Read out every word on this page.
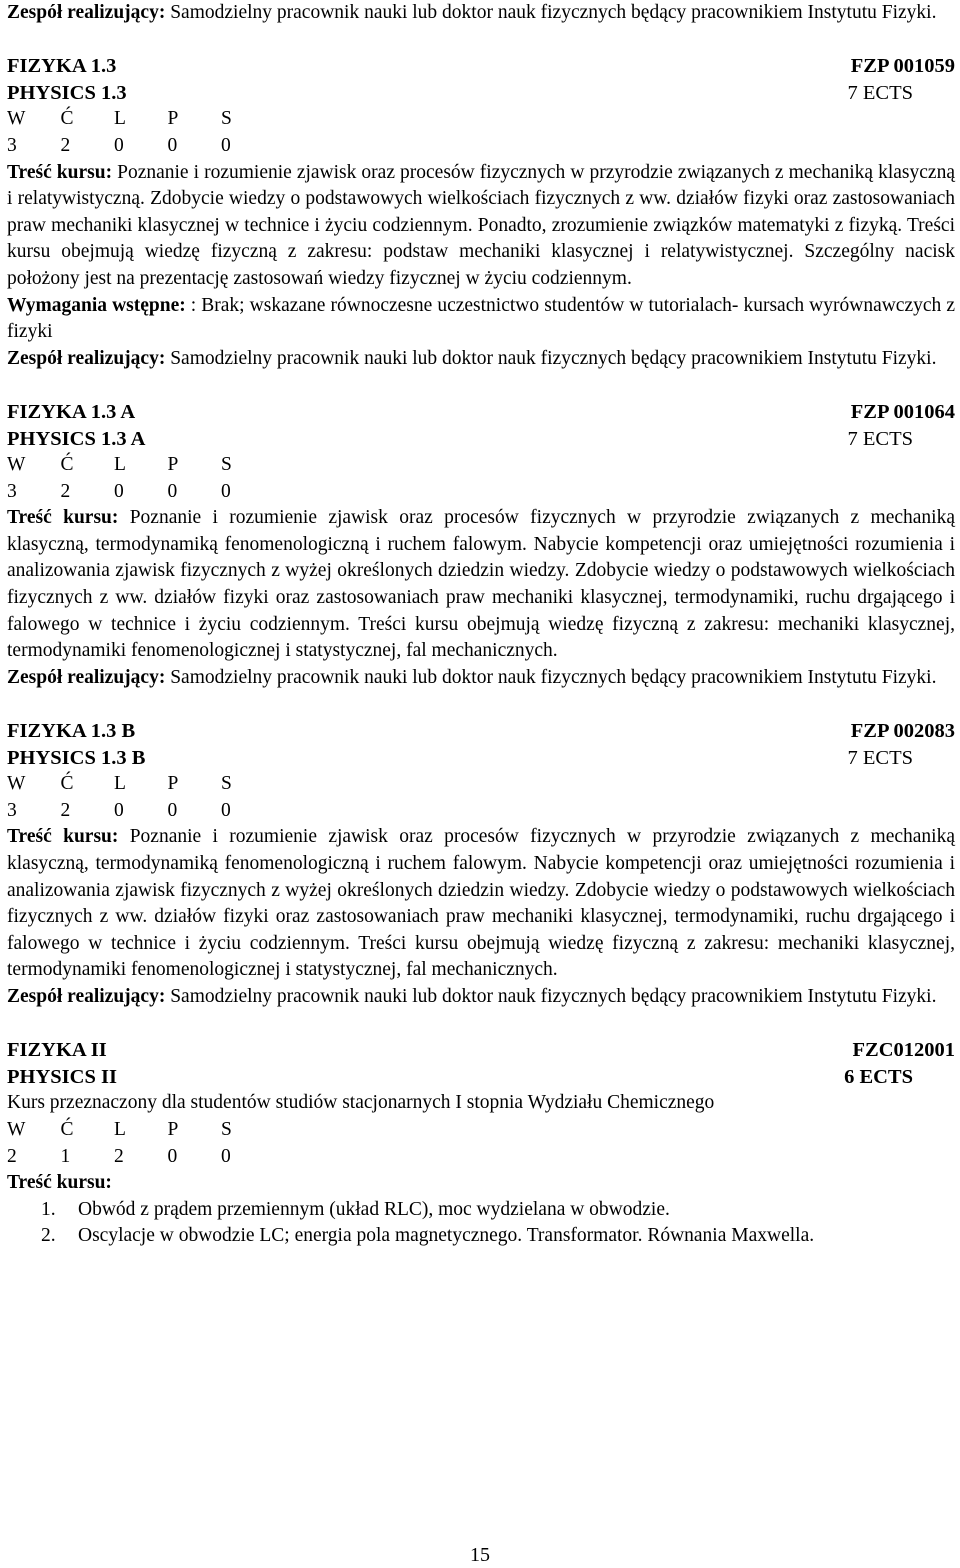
Zespół realizujący: Samodzielny pracownik nauki lub doktor nauk fizycznych będący pracownikiem Instytutu Fizyki.
FIZYKA 1.3	FZP 001059
PHYSICS 1.3	7 ECTS
W	Ć	L	P	S
3	2	0	0	0
Treść kursu: Poznanie i rozumienie zjawisk oraz procesów fizycznych w przyrodzie związanych z mechaniką klasyczną i relatywistyczną. Zdobycie wiedzy o podstawowych wielkościach fizycznych z ww. działów fizyki oraz zastosowaniach praw mechaniki klasycznej w technice i życiu codziennym. Ponadto, zrozumienie związków matematyki z fizyką. Treści kursu obejmują wiedzę fizyczną z zakresu: podstaw mechaniki klasycznej i relatywistycznej. Szczególny nacisk położony jest na prezentację zastosowań wiedzy fizycznej w życiu codziennym.
Wymagania wstępne: : Brak; wskazane równoczesne uczestnictwo studentów w tutorialach- kursach wyrównawczych z fizyki
Zespół realizujący: Samodzielny pracownik nauki lub doktor nauk fizycznych będący pracownikiem Instytutu Fizyki.
FIZYKA 1.3 A	FZP 001064
PHYSICS 1.3 A	7 ECTS
W	Ć	L	P	S
3	2	0	0	0
Treść kursu: Poznanie i rozumienie zjawisk oraz procesów fizycznych w przyrodzie związanych z mechaniką klasyczną, termodynamiką fenomenologiczną i ruchem falowym. Nabycie kompetencji oraz umiejętności rozumienia i analizowania zjawisk fizycznych z wyżej określonych dziedzin wiedzy. Zdobycie wiedzy o podstawowych wielkościach fizycznych z ww. działów fizyki oraz zastosowaniach praw mechaniki klasycznej, termodynamiki, ruchu drgającego i falowego w technice i życiu codziennym. Treści kursu obejmują wiedzę fizyczną z zakresu: mechaniki klasycznej, termodynamiki fenomenologicznej i statystycznej, fal mechanicznych.
Zespół realizujący: Samodzielny pracownik nauki lub doktor nauk fizycznych będący pracownikiem Instytutu Fizyki.
FIZYKA 1.3 B	FZP 002083
PHYSICS 1.3 B	7 ECTS
W	Ć	L	P	S
3	2	0	0	0
Treść kursu: Poznanie i rozumienie zjawisk oraz procesów fizycznych w przyrodzie związanych z mechaniką klasyczną, termodynamiką fenomenologiczną i ruchem falowym. Nabycie kompetencji oraz umiejętności rozumienia i analizowania zjawisk fizycznych z wyżej określonych dziedzin wiedzy. Zdobycie wiedzy o podstawowych wielkościach fizycznych z ww. działów fizyki oraz zastosowaniach praw mechaniki klasycznej, termodynamiki, ruchu drgającego i falowego w technice i życiu codziennym. Treści kursu obejmują wiedzę fizyczną z zakresu: mechaniki klasycznej, termodynamiki fenomenologicznej i statystycznej, fal mechanicznych.
Zespół realizujący: Samodzielny pracownik nauki lub doktor nauk fizycznych będący pracownikiem Instytutu Fizyki.
FIZYKA II	FZC012001
PHYSICS II	6 ECTS
Kurs przeznaczony dla studentów studiów stacjonarnych I stopnia Wydziału Chemicznego
W	Ć	L	P	S
2	1	2	0	0
Treść kursu:
1. Obwód z prądem przemiennym (układ RLC), moc wydzielana w obwodzie.
2. Oscylacje w obwodzie LC; energia pola magnetycznego. Transformator. Równania Maxwella.
15
